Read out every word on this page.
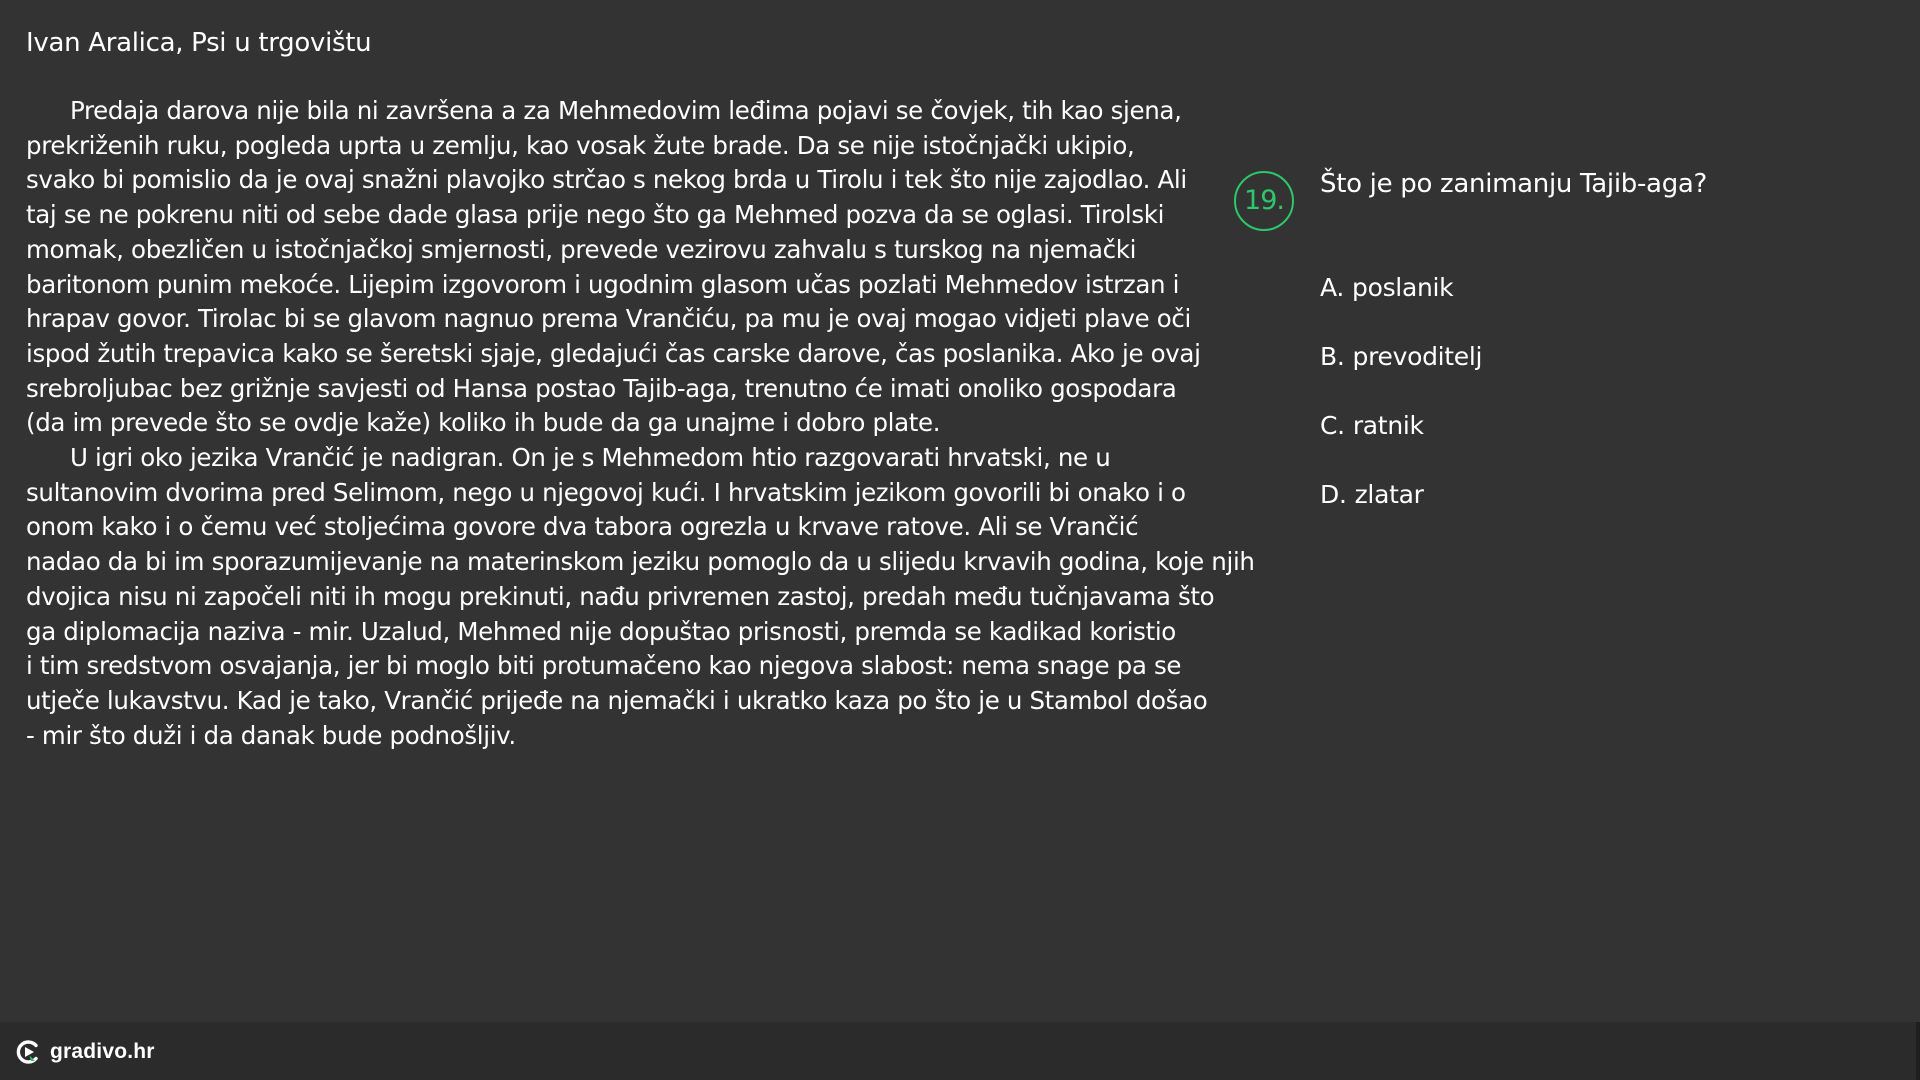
Ivan Aralica, Psi u trgovištu
Predaja darova nije bila ni završena a za Mehmedovim leđima pojavi se čovjek, tih kao sjena,
prekriženih ruku, pogleda uprta u zemlju, kao vosak žute brade. Da se nije istočnjački ukipio,
svako bi pomislio da je ovaj snažni plavojko strčao s nekog brda u Tirolu i tek što nije zajodlao. Ali
taj se ne pokrenu niti od sebe dade glasa prije nego što ga Mehmed pozva da se oglasi. Tirolski
momak, obezličen u istočnjačkoj smjernosti, prevede vezirovu zahvalu s turskog na njemački
baritonom punim mekoće. Lijepim izgovorom i ugodnim glasom učas pozlati Mehmedov istrzan i
hrapav govor. Tirolac bi se glavom nagnuo prema Vrančiću, pa mu je ovaj mogao vidjeti plave oči
ispod žutih trepavica kako se šeretski sjaje, gledajući čas carske darove, čas poslanika. Ako je ovaj
srebroljubac bez grižnje savjesti od Hansa postao Tajib-aga, trenutno će imati onoliko gospodara
(da im prevede što se ovdje kaže) koliko ih bude da ga unajme i dobro plate.
U igri oko jezika Vrančić je nadigran. On je s Mehmedom htio razgovarati hrvatski, ne u
sultanovim dvorima pred Selimom, nego u njegovoj kući. I hrvatskim jezikom govorili bi onako i o
onom kako i o čemu već stoljećima govore dva tabora ogrezla u krvave ratove. Ali se Vrančić
nadao da bi im sporazumijevanje na materinskom jeziku pomoglo da u slijedu krvavih godina, koje njih
dvojica nisu ni započeli niti ih mogu prekinuti, nađu privremen zastoj, predah među tučnjavama što
ga diplomacija naziva - mir. Uzalud, Mehmed nije dopuštao prisnosti, premda se kadikad koristio
i tim sredstvom osvajanja, jer bi moglo biti protumačeno kao njegova slabost: nema snage pa se
utječe lukavstvu. Kad je tako, Vrančić prijeđe na njemački i ukratko kaza po što je u Stambol došao
- mir što duži i da danak bude podnošljiv.
19.
Što je po zanimanju Tajib-aga?
A. poslanik
B. prevoditelj
C. ratnik
D. zlatar
gradivo.hr
